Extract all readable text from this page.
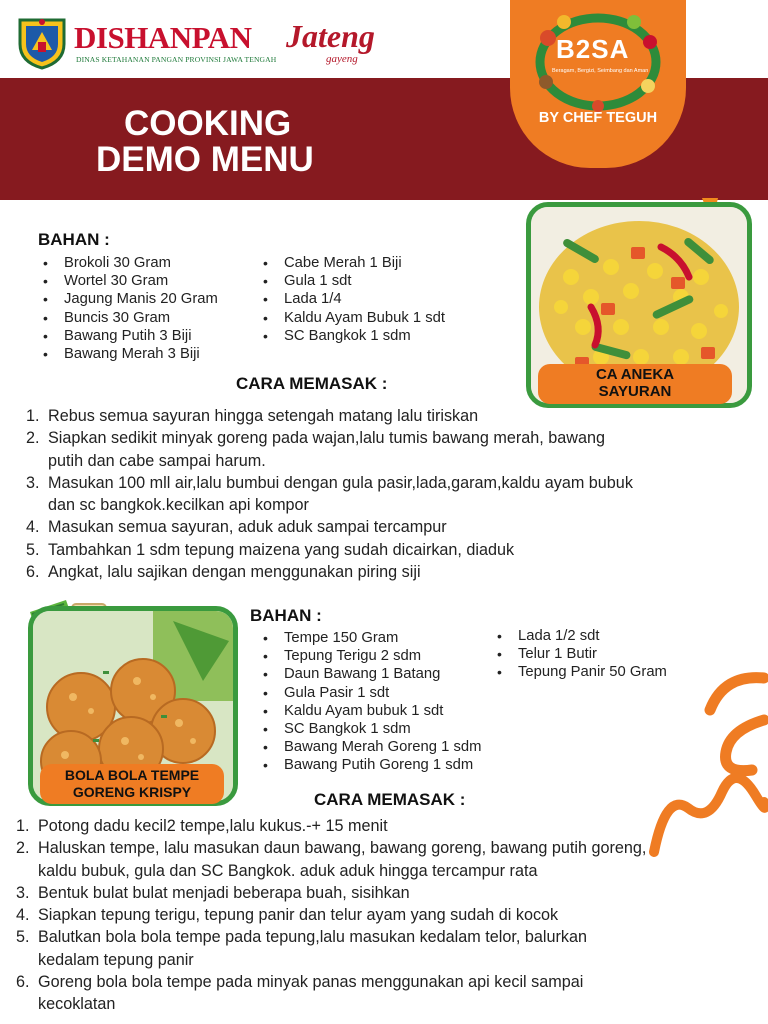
DISHANPAN
DINAS KETAHANAN PANGAN PROVINSI JAWA TENGAH
Jateng
gayeng
COOKING
DEMO MENU
B2SA
Beragam, Bergizi, Seimbang dan Aman
BY CHEF TEGUH
BAHAN :
• Brokoli 30 Gram
• Wortel 30 Gram
• Jagung Manis 20 Gram
• Buncis 30 Gram
• Bawang Putih 3 Biji
• Bawang Merah 3 Biji
• Cabe Merah 1 Biji
• Gula 1 sdt
• Lada 1/4
• Kaldu Ayam Bubuk 1 sdt
• SC Bangkok 1 sdm
CA ANEKA
SAYURAN
CARA MEMASAK :
1. Rebus semua sayuran hingga setengah matang lalu tiriskan
2. Siapkan sedikit minyak goreng pada wajan,lalu tumis bawang merah, bawang
putih dan cabe sampai harum.
3. Masukan 100 mll air,lalu bumbui dengan gula pasir,lada,garam,kaldu ayam bubuk
dan sc bangkok.kecilkan api kompor
4. Masukan semua sayuran, aduk aduk sampai tercampur
5. Tambahkan 1 sdm tepung maizena yang sudah dicairkan, diaduk
6. Angkat, lalu sajikan dengan menggunakan piring siji
BOLA BOLA TEMPE
GORENG KRISPY
BAHAN :
• Tempe 150 Gram
• Tepung Terigu 2 sdm
• Daun Bawang 1 Batang
• Gula Pasir 1 sdt
• Kaldu Ayam bubuk 1 sdt
• SC Bangkok 1 sdm
• Bawang Merah Goreng 1 sdm
• Bawang Putih Goreng 1 sdm
• Lada 1/2 sdt
• Telur 1 Butir
• Tepung Panir 50 Gram
CARA MEMASAK :
1. Potong dadu kecil2 tempe,lalu kukus.-+ 15 menit
2. Haluskan tempe, lalu masukan daun bawang, bawang goreng, bawang putih goreng,
kaldu bubuk, gula dan SC Bangkok. aduk aduk hingga tercampur rata
3. Bentuk bulat bulat menjadi beberapa buah, sisihkan
4. Siapkan tepung terigu, tepung panir dan telur ayam yang sudah di kocok
5. Balutkan bola bola tempe pada tepung,lalu masukan kedalam telor, balurkan
kedalam tepung panir
6. Goreng bola bola tempe pada minyak panas menggunakan api kecil sampai
kecoklatan
